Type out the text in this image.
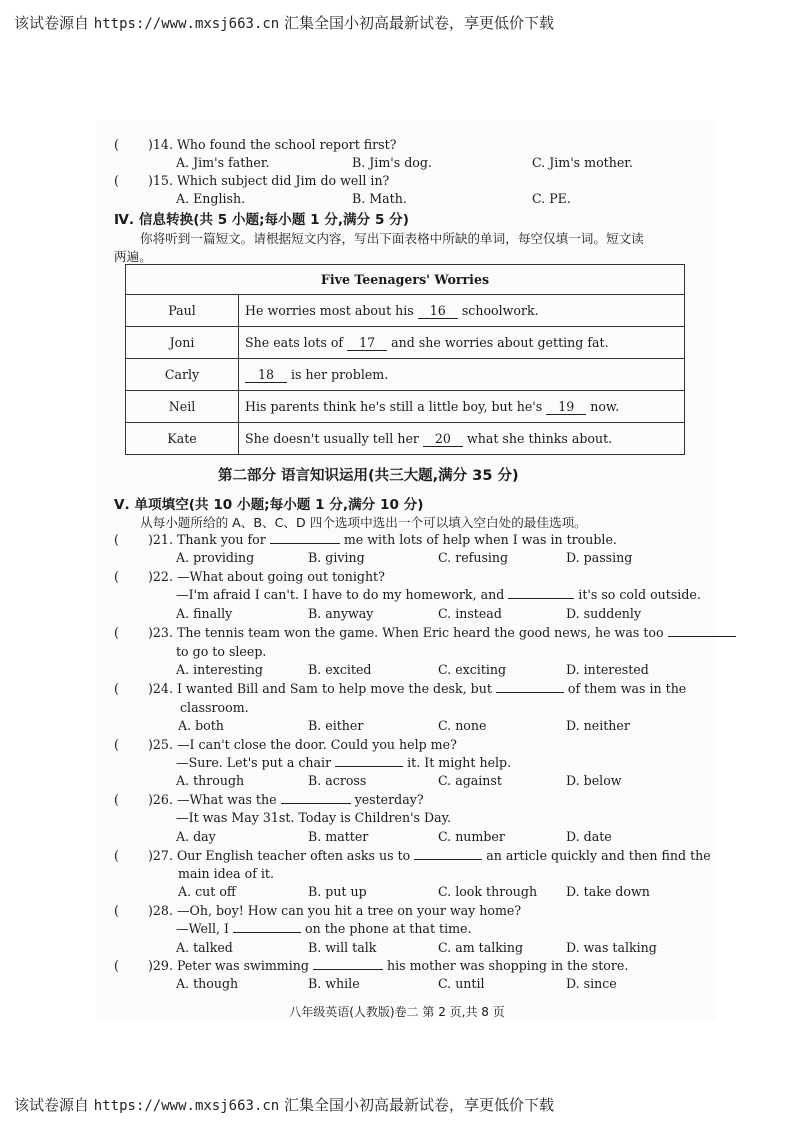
该试卷源自 https://www.mxsj663.cn 汇集全国小初高最新试卷，享更低价下载
( )14. Who found the school report first?
A. Jim's father.	B. Jim's dog.	C. Jim's mother.
( )15. Which subject did Jim do well in?
A. English.	B. Math.	C. PE.
Ⅳ. 信息转换(共 5 小题;每小题 1 分,满分 5 分)
你将听到一篇短文。请根据短文内容，写出下面表格中所缺的单词，每空仅填一词。短文读
两遍。
Five Teenagers' Worries	
Paul	He worries most about his 16 schoolwork.
Joni	She eats lots of 17 and she worries about getting fat.
Carly	18 is her problem.
Neil	His parents think he's still a little boy, but he's 19 now.
Kate	She doesn't usually tell her 20 what she thinks about.
第二部分 语言知识运用(共三大题,满分 35 分)
Ⅴ. 单项填空(共 10 小题;每小题 1 分,满分 10 分)
从每小题所给的 A、B、C、D 四个选项中选出一个可以填入空白处的最佳选项。
( )21. Thank you for	me with lots of help when I was in trouble.
A. providing	B. giving	C. refusing	D. passing
( )22. —What about going out tonight?
—I'm afraid I can't. I have to do my homework, and	it's so cold outside.
A. finally	B. anyway	C. instead	D. suddenly
( )23. The tennis team won the game. When Eric heard the good news, he was too
to go to sleep.
A. interesting	B. excited	C. exciting	D. interested
( )24. I wanted Bill and Sam to help move the desk, but	of them was in the
classroom.
A. both	B. either	C. none	D. neither
( )25. —I can't close the door. Could you help me?
—Sure. Let's put a chair	it. It might help.
A. through	B. across	C. against	D. below
( )26. —What was the	yesterday?
—It was May 31st. Today is Children's Day.
A. day	B. matter	C. number	D. date
( )27. Our English teacher often asks us to	an article quickly and then find the
main idea of it.
A. cut off	B. put up	C. look through D. take down
( )28. —Oh, boy! How can you hit a tree on your way home?
—Well, I	on the phone at that time.
A. talked	B. will talk	C. am talking	D. was talking
( )29. Peter was swimming	his mother was shopping in the store.
A. though	B. while	C. until	D. since
八年级英语(人教版)卷二 第 2 页,共 8 页
该试卷源自 https://www.mxsj663.cn 汇集全国小初高最新试卷，享更低价下载
